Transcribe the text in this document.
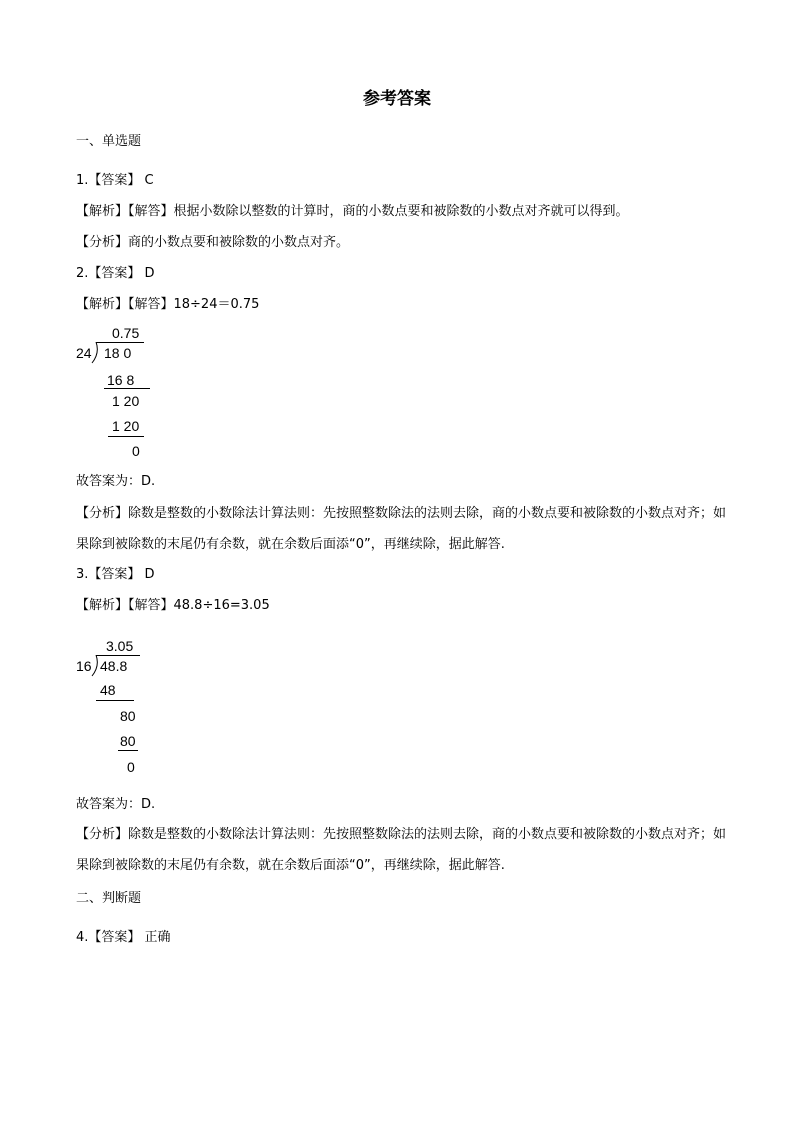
参考答案
一、单选题
1.【答案】 C
【解析】【解答】根据小数除以整数的计算时，商的小数点要和被除数的小数点对齐就可以得到。
【分析】商的小数点要和被除数的小数点对齐。
2.【答案】 D
【解析】【解答】18÷24＝0.75
0.75
24 18 0
16 8
1 20
1 20
0
故答案为：D.
【分析】除数是整数的小数除法计算法则：先按照整数除法的法则去除，商的小数点要和被除数的小数点对齐；如果除到被除数的末尾仍有余数，就在余数后面添“0”，再继续除，据此解答.
3.【答案】 D
【解析】【解答】48.8÷16=3.05
3.05
16 48.8
48
80
80
0
故答案为：D.
【分析】除数是整数的小数除法计算法则：先按照整数除法的法则去除，商的小数点要和被除数的小数点对齐；如果除到被除数的末尾仍有余数，就在余数后面添“0”，再继续除，据此解答.
二、判断题
4.【答案】 正确
